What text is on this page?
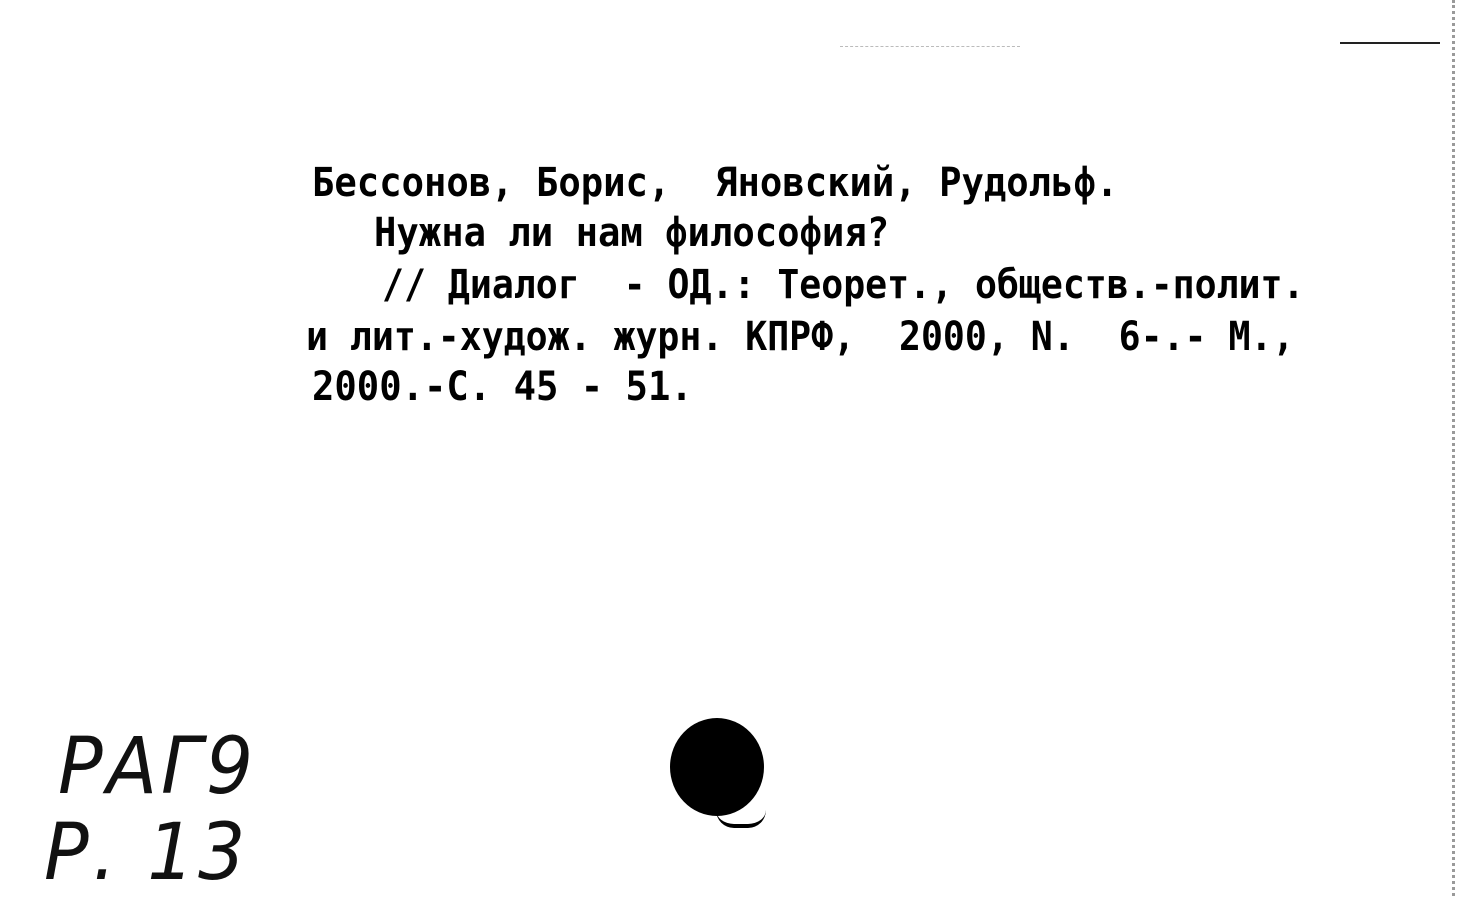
Бессонов, Борис,  Яновский, Рудольф.
Нужна ли нам философия?
// Диалог  - ОД.: Теорет., обществ.-полит.
и лит.-худож. журн. КПРФ,  2000, N.  6-.- М.,
2000.-С. 45 - 51.
РАГ9
Р. 13
